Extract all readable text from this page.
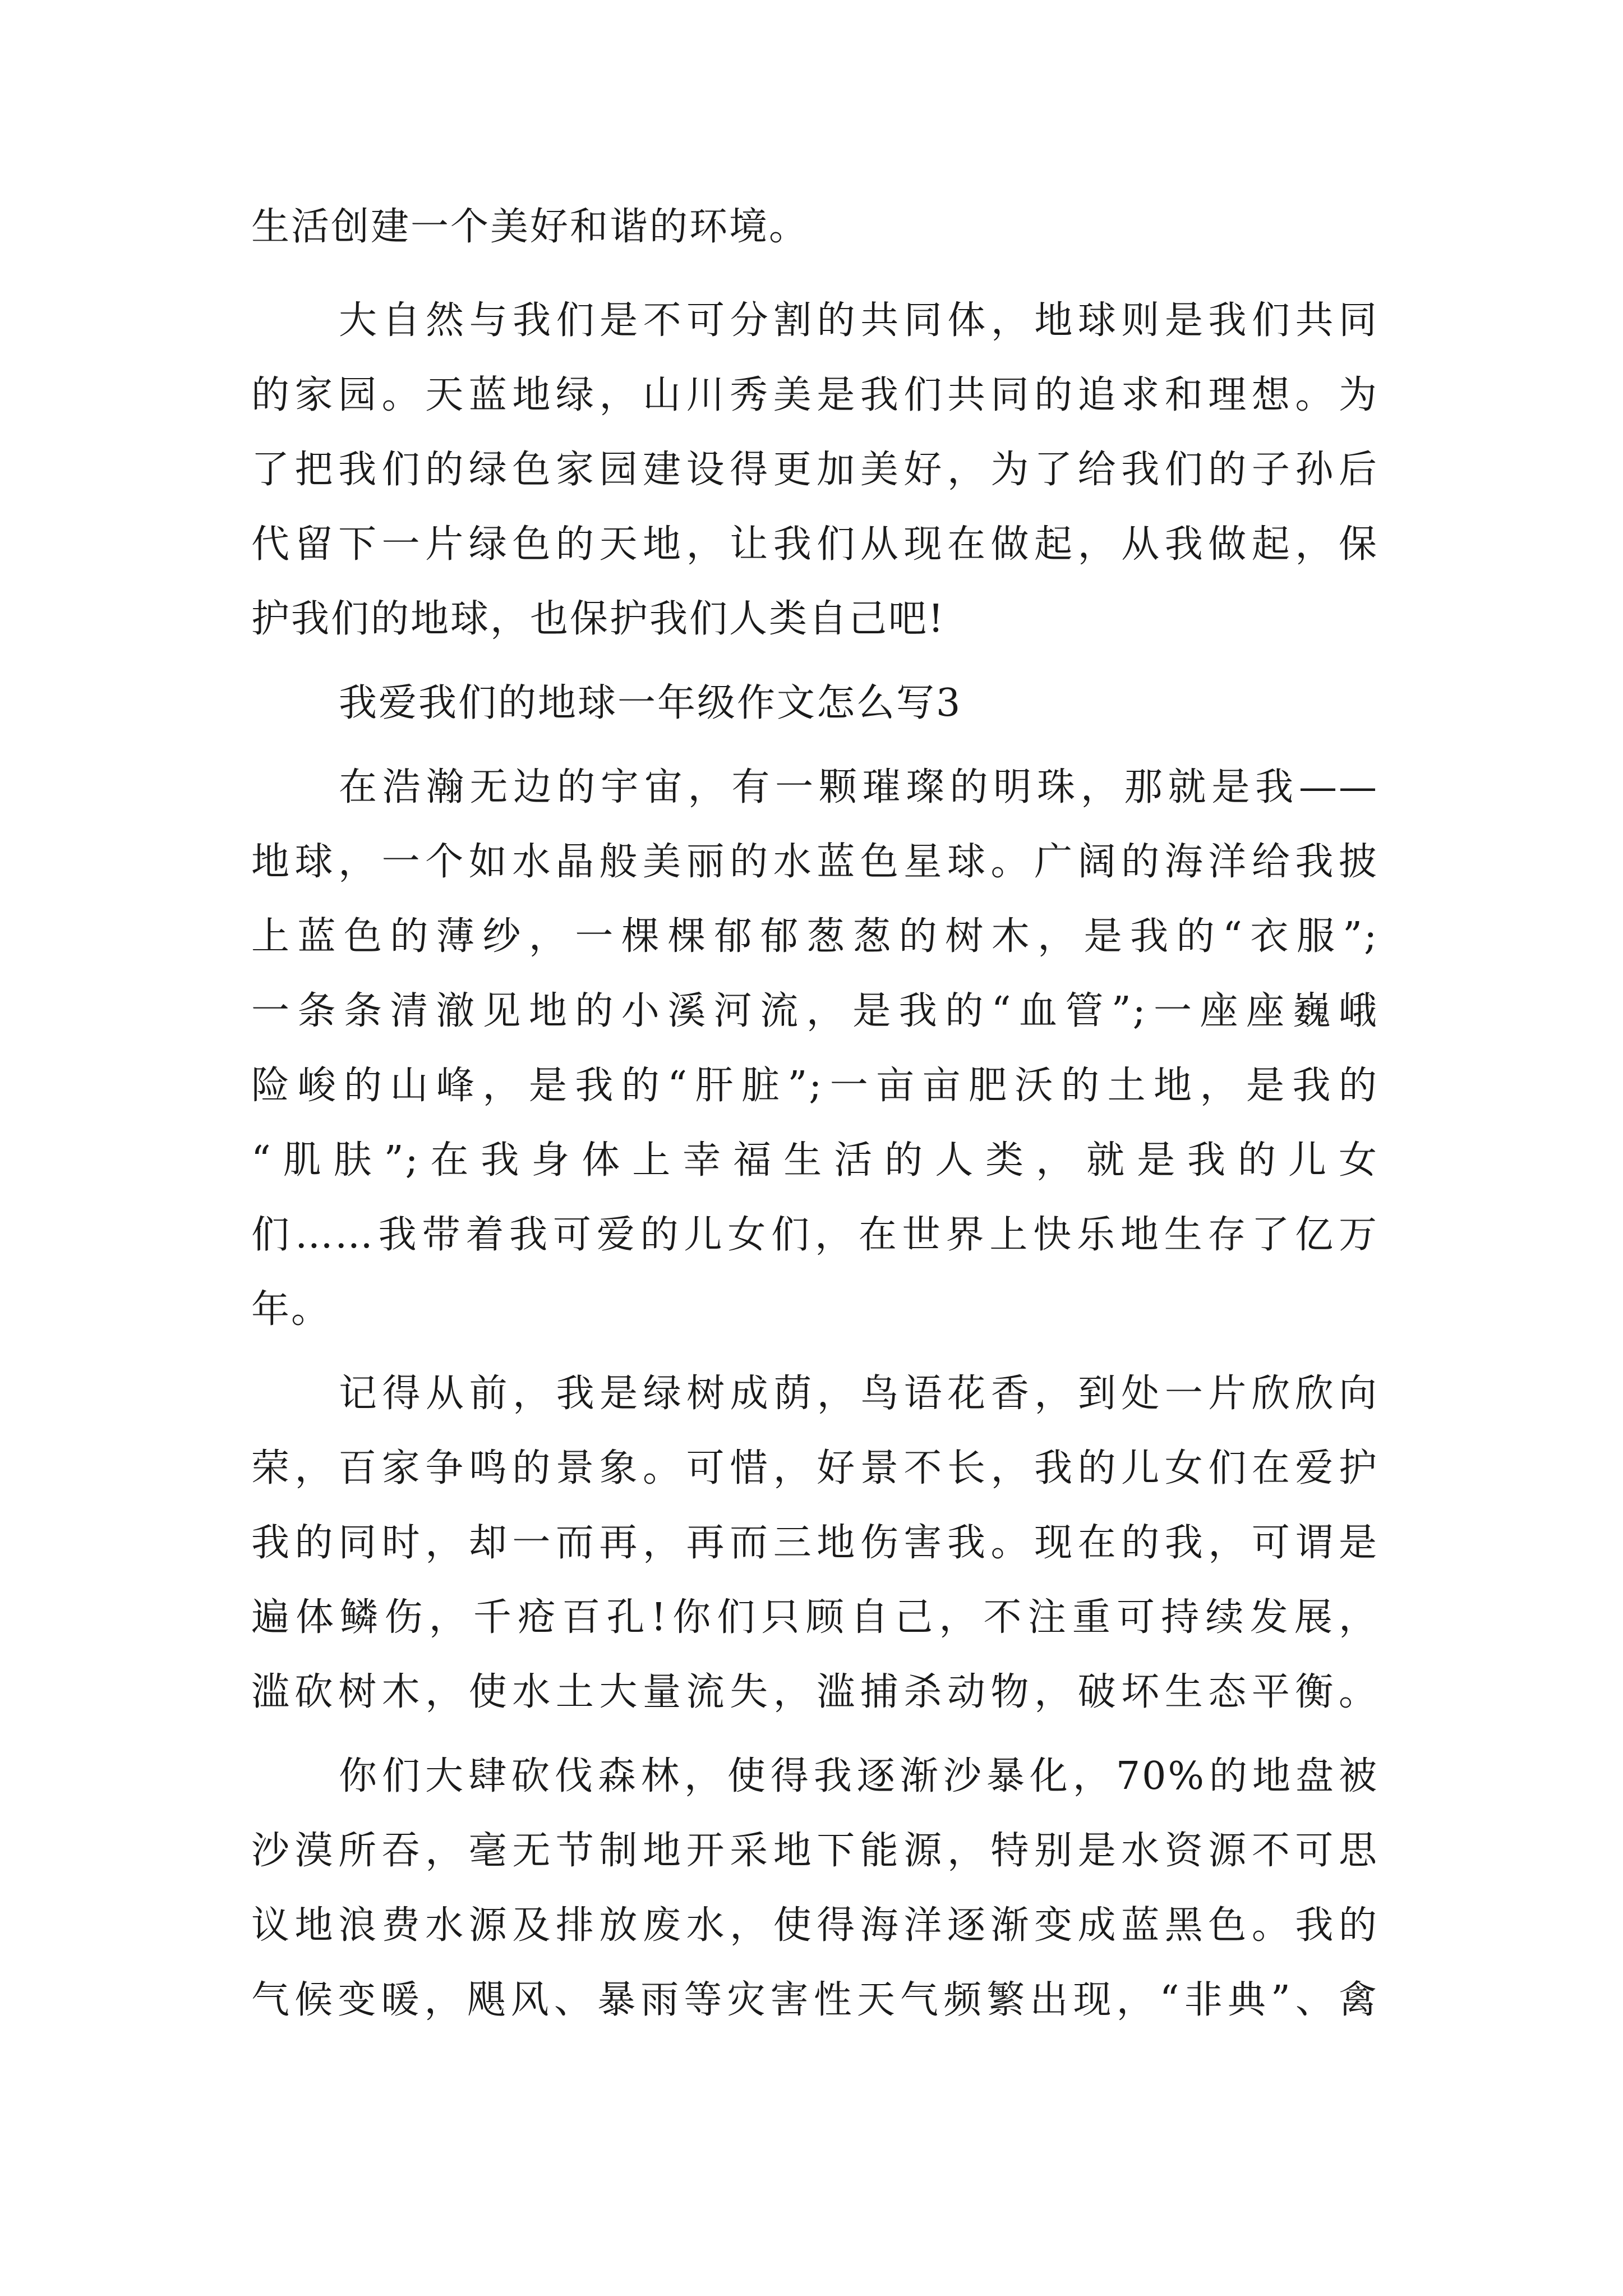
生活创建一个美好和谐的环境。
大自然与我们是不可分割的共同体，地球则是我们共同
的家园。天蓝地绿，山川秀美是我们共同的追求和理想。为
了把我们的绿色家园建设得更加美好，为了给我们的子孙后
代留下一片绿色的天地，让我们从现在做起，从我做起，保
护我们的地球，也保护我们人类自己吧!
我爱我们的地球一年级作文怎么写3
在浩瀚无边的宇宙，有一颗璀璨的明珠，那就是我——
地球，一个如水晶般美丽的水蓝色星球。广阔的海洋给我披
上蓝色的薄纱，一棵棵郁郁葱葱的树木，是我的“衣服”;
一条条清澈见地的小溪河流，是我的“血管”;一座座巍峨
险峻的山峰，是我的“肝脏”;一亩亩肥沃的土地，是我的
“肌肤”;在我身体上幸福生活的人类，就是我的儿女
们……我带着我可爱的儿女们，在世界上快乐地生存了亿万
年。
记得从前，我是绿树成荫，鸟语花香，到处一片欣欣向
荣，百家争鸣的景象。可惜，好景不长，我的儿女们在爱护
我的同时，却一而再，再而三地伤害我。现在的我，可谓是
遍体鳞伤，千疮百孔!你们只顾自己，不注重可持续发展，
滥砍树木，使水土大量流失，滥捕杀动物，破坏生态平衡。
你们大肆砍伐森林，使得我逐渐沙暴化，70%的地盘被
沙漠所吞，毫无节制地开采地下能源，特别是水资源不可思
议地浪费水源及排放废水，使得海洋逐渐变成蓝黑色。我的
气候变暖，飓风、暴雨等灾害性天气频繁出现，“非典”、禽
